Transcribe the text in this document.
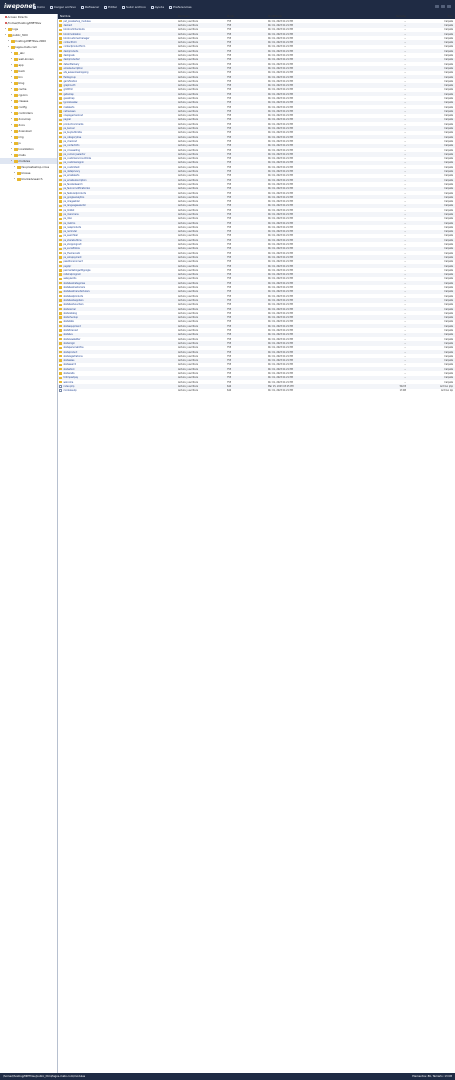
iweponet Inicio	Cargar archivo	Refrescar	Editar	Subir archivo	Ayuda	Preferencias
Acceso Directo
/home2/hosting/MIETDev
▸	logs
▸	public_html
▸	hosting-MIETDev-2000
▸	lagos-mato.com
▸	_abc
▸	well-known
▸	app
▸	back
▸	bin
▸	blog
▸	cache
▸	cgi-bin
▸	classes
▸	config
▸	controllers
▸	docscrap
▸	docs
▸	download
▸	img
▸	js
▸	localization
▸	mails
▸	modules
▸	fav.prestashop.cross
▸	bloxae
▸	blockadvsearch
Nombre	Permisos	Modo	Modificado	Tamaño	Tipo
pst_prestashop_modules	lectura y escritura	755	Dic 01, 2023 01:21 PM	--	Carpeta
dashact	lectura y escritura	755	Dic 01, 2023 01:21 PM	--	Carpeta
blockcartcheckouts	lectura y escritura	755	Dic 01, 2023 01:21 PM	--	Carpeta
blockmobilebox	lectura y escritura	755	Dic 01, 2023 01:21 PM	--	Carpeta
blockcustomermanager	lectura y escritura	755	Dic 01, 2023 01:21 PM	--	Carpeta
contactform	lectura y escritura	755	Dic 01, 2023 01:21 PM	--	Carpeta
contactproductform	lectura y escritura	755	Dic 01, 2023 01:21 PM	--	Carpeta
dashproducts	lectura y escritura	755	Dic 01, 2023 01:21 PM	--	Carpeta
dashgoals	lectura y escritura	755	Dic 01, 2023 01:21 PM	--	Carpeta
dashproducts2	lectura y escritura	755	Dic 01, 2023 01:21 PM	--	Carpeta
dateofdelivery	lectura y escritura	755	Dic 01, 2023 01:21 PM	--	Carpeta
emailsubscription	lectura y escritura	755	Dic 01, 2023 01:21 PM	--	Carpeta
ets_awesomeshopping	lectura y escritura	755	Dic 01, 2023 01:21 PM	--	Carpeta
fieldsgroup	lectura y escritura	755	Dic 01, 2023 01:21 PM	--	Carpeta
gamification	lectura y escritura	755	Dic 01, 2023 01:21 PM	--	Carpeta
graphnvd3	lectura y escritura	755	Dic 01, 2023 01:21 PM	--	Carpeta
gridhtml	lectura y escritura	755	Dic 01, 2023 01:21 PM	--	Carpeta
gsitemap	lectura y escritura	755	Dic 01, 2023 01:21 PM	--	Carpeta
guestmap	lectura y escritura	755	Dic 01, 2023 01:21 PM	--	Carpeta
lgcookieslaw	lectura y escritura	755	Dic 01, 2023 01:21 PM	--	Carpeta
mailalerts	lectura y escritura	755	Dic 01, 2023 01:21 PM	--	Carpeta
netreviews	lectura y escritura	755	Dic 01, 2023 01:21 PM	--	Carpeta
onepagecheckout	lectura y escritura	755	Dic 01, 2023 01:21 PM	--	Carpeta
paypal	lectura y escritura	755	Dic 01, 2023 01:21 PM	--	Carpeta
productcomments	lectura y escritura	755	Dic 01, 2023 01:21 PM	--	Carpeta
ps_banner	lectura y escritura	755	Dic 01, 2023 01:21 PM	--	Carpeta
ps_buybuttonlite	lectura y escritura	755	Dic 01, 2023 01:21 PM	--	Carpeta
ps_categorytree	lectura y escritura	755	Dic 01, 2023 01:21 PM	--	Carpeta
ps_checkout	lectura y escritura	755	Dic 01, 2023 01:21 PM	--	Carpeta
ps_contactinfo	lectura y escritura	755	Dic 01, 2023 01:21 PM	--	Carpeta
ps_crossselling	lectura y escritura	755	Dic 01, 2023 01:21 PM	--	Carpeta
ps_currencyselector	lectura y escritura	755	Dic 01, 2023 01:21 PM	--	Carpeta
ps_customeraccountlinks	lectura y escritura	755	Dic 01, 2023 01:21 PM	--	Carpeta
ps_customersignin	lectura y escritura	755	Dic 01, 2023 01:21 PM	--	Carpeta
ps_customtext	lectura y escritura	755	Dic 01, 2023 01:21 PM	--	Carpeta
ps_dataprivacy	lectura y escritura	755	Dic 01, 2023 01:21 PM	--	Carpeta
ps_emailalerts	lectura y escritura	755	Dic 01, 2023 01:21 PM	--	Carpeta
ps_emailsubscription	lectura y escritura	755	Dic 01, 2023 01:21 PM	--	Carpeta
ps_facetedsearch	lectura y escritura	755	Dic 01, 2023 01:21 PM	--	Carpeta
ps_faviconnotificationbo	lectura y escritura	755	Dic 01, 2023 01:21 PM	--	Carpeta
ps_featuredproducts	lectura y escritura	755	Dic 01, 2023 01:21 PM	--	Carpeta
ps_googleanalytics	lectura y escritura	755	Dic 01, 2023 01:21 PM	--	Carpeta
ps_imageslider	lectura y escritura	755	Dic 01, 2023 01:21 PM	--	Carpeta
ps_languageselector	lectura y escritura	755	Dic 01, 2023 01:21 PM	--	Carpeta
ps_linklist	lectura y escritura	755	Dic 01, 2023 01:21 PM	--	Carpeta
ps_mainmenu	lectura y escritura	755	Dic 01, 2023 01:21 PM	--	Carpeta
ps_mbo	lectura y escritura	755	Dic 01, 2023 01:21 PM	--	Carpeta
ps_metrics	lectura y escritura	755	Dic 01, 2023 01:21 PM	--	Carpeta
ps_newproducts	lectura y escritura	755	Dic 01, 2023 01:21 PM	--	Carpeta
ps_reminder	lectura y escritura	755	Dic 01, 2023 01:21 PM	--	Carpeta
ps_searchbar	lectura y escritura	755	Dic 01, 2023 01:21 PM	--	Carpeta
ps_sharebuttons	lectura y escritura	755	Dic 01, 2023 01:21 PM	--	Carpeta
ps_shoppingcart	lectura y escritura	755	Dic 01, 2023 01:21 PM	--	Carpeta
ps_socialfollow	lectura y escritura	755	Dic 01, 2023 01:21 PM	--	Carpeta
ps_themecusto	lectura y escritura	755	Dic 01, 2023 01:21 PM	--	Carpeta
ps_wirepayment	lectura y escritura	755	Dic 01, 2023 01:21 PM	--	Carpeta
psaddonsconnect	lectura y escritura	755	Dic 01, 2023 01:21 PM	--	Carpeta
psgdpr	lectura y escritura	755	Dic 01, 2023 01:21 PM	--	Carpeta
psxmarketingwithgoogle	lectura y escritura	755	Dic 01, 2023 01:21 PM	--	Carpeta
referralprogram	lectura y escritura	755	Dic 01, 2023 01:21 PM	--	Carpeta
sekeywords	lectura y escritura	755	Dic 01, 2023 01:21 PM	--	Carpeta
statsbestcategories	lectura y escritura	755	Dic 01, 2023 01:21 PM	--	Carpeta
statsbestcustomers	lectura y escritura	755	Dic 01, 2023 01:21 PM	--	Carpeta
statsbestmanufacturers	lectura y escritura	755	Dic 01, 2023 01:21 PM	--	Carpeta
statsbestproducts	lectura y escritura	755	Dic 01, 2023 01:21 PM	--	Carpeta
statsbestsuppliers	lectura y escritura	755	Dic 01, 2023 01:21 PM	--	Carpeta
statsbestvouchers	lectura y escritura	755	Dic 01, 2023 01:21 PM	--	Carpeta
statscarrier	lectura y escritura	755	Dic 01, 2023 01:21 PM	--	Carpeta
statscatalog	lectura y escritura	755	Dic 01, 2023 01:21 PM	--	Carpeta
statscheckup	lectura y escritura	755	Dic 01, 2023 01:21 PM	--	Carpeta
statsdata	lectura y escritura	755	Dic 01, 2023 01:21 PM	--	Carpeta
statsequipment	lectura y escritura	755	Dic 01, 2023 01:21 PM	--	Carpeta
statsforecast	lectura y escritura	755	Dic 01, 2023 01:21 PM	--	Carpeta
statslive	lectura y escritura	755	Dic 01, 2023 01:21 PM	--	Carpeta
statsnewsletter	lectura y escritura	755	Dic 01, 2023 01:21 PM	--	Carpeta
statsorigin	lectura y escritura	755	Dic 01, 2023 01:21 PM	--	Carpeta
statspersonalinfos	lectura y escritura	755	Dic 01, 2023 01:21 PM	--	Carpeta
statsproduct	lectura y escritura	755	Dic 01, 2023 01:21 PM	--	Carpeta
statsregistrations	lectura y escritura	755	Dic 01, 2023 01:21 PM	--	Carpeta
statssales	lectura y escritura	755	Dic 01, 2023 01:21 PM	--	Carpeta
statssearch	lectura y escritura	755	Dic 01, 2023 01:21 PM	--	Carpeta
statsstock	lectura y escritura	755	Dic 01, 2023 01:21 PM	--	Carpeta
statsvisits	lectura y escritura	755	Dic 01, 2023 01:21 PM	--	Carpeta
tntimpiedpay	lectura y escritura	755	Dic 01, 2023 01:21 PM	--	Carpeta
welcome	lectura y escritura	755	Dic 01, 2023 01:21 PM	--	Carpeta
index.php	lectura y escritura	644	Mar 15, 2023 03:15 PM	542 B	Archivo php
modules.zip	lectura y escritura	644	Dic 01, 2023 01:21 PM	13 KB	Archivo zip
/home2/hosting/MIETDev/public_html/lagos-mato.com/modules	Elementos: 86, Tamaño: 13 KB
